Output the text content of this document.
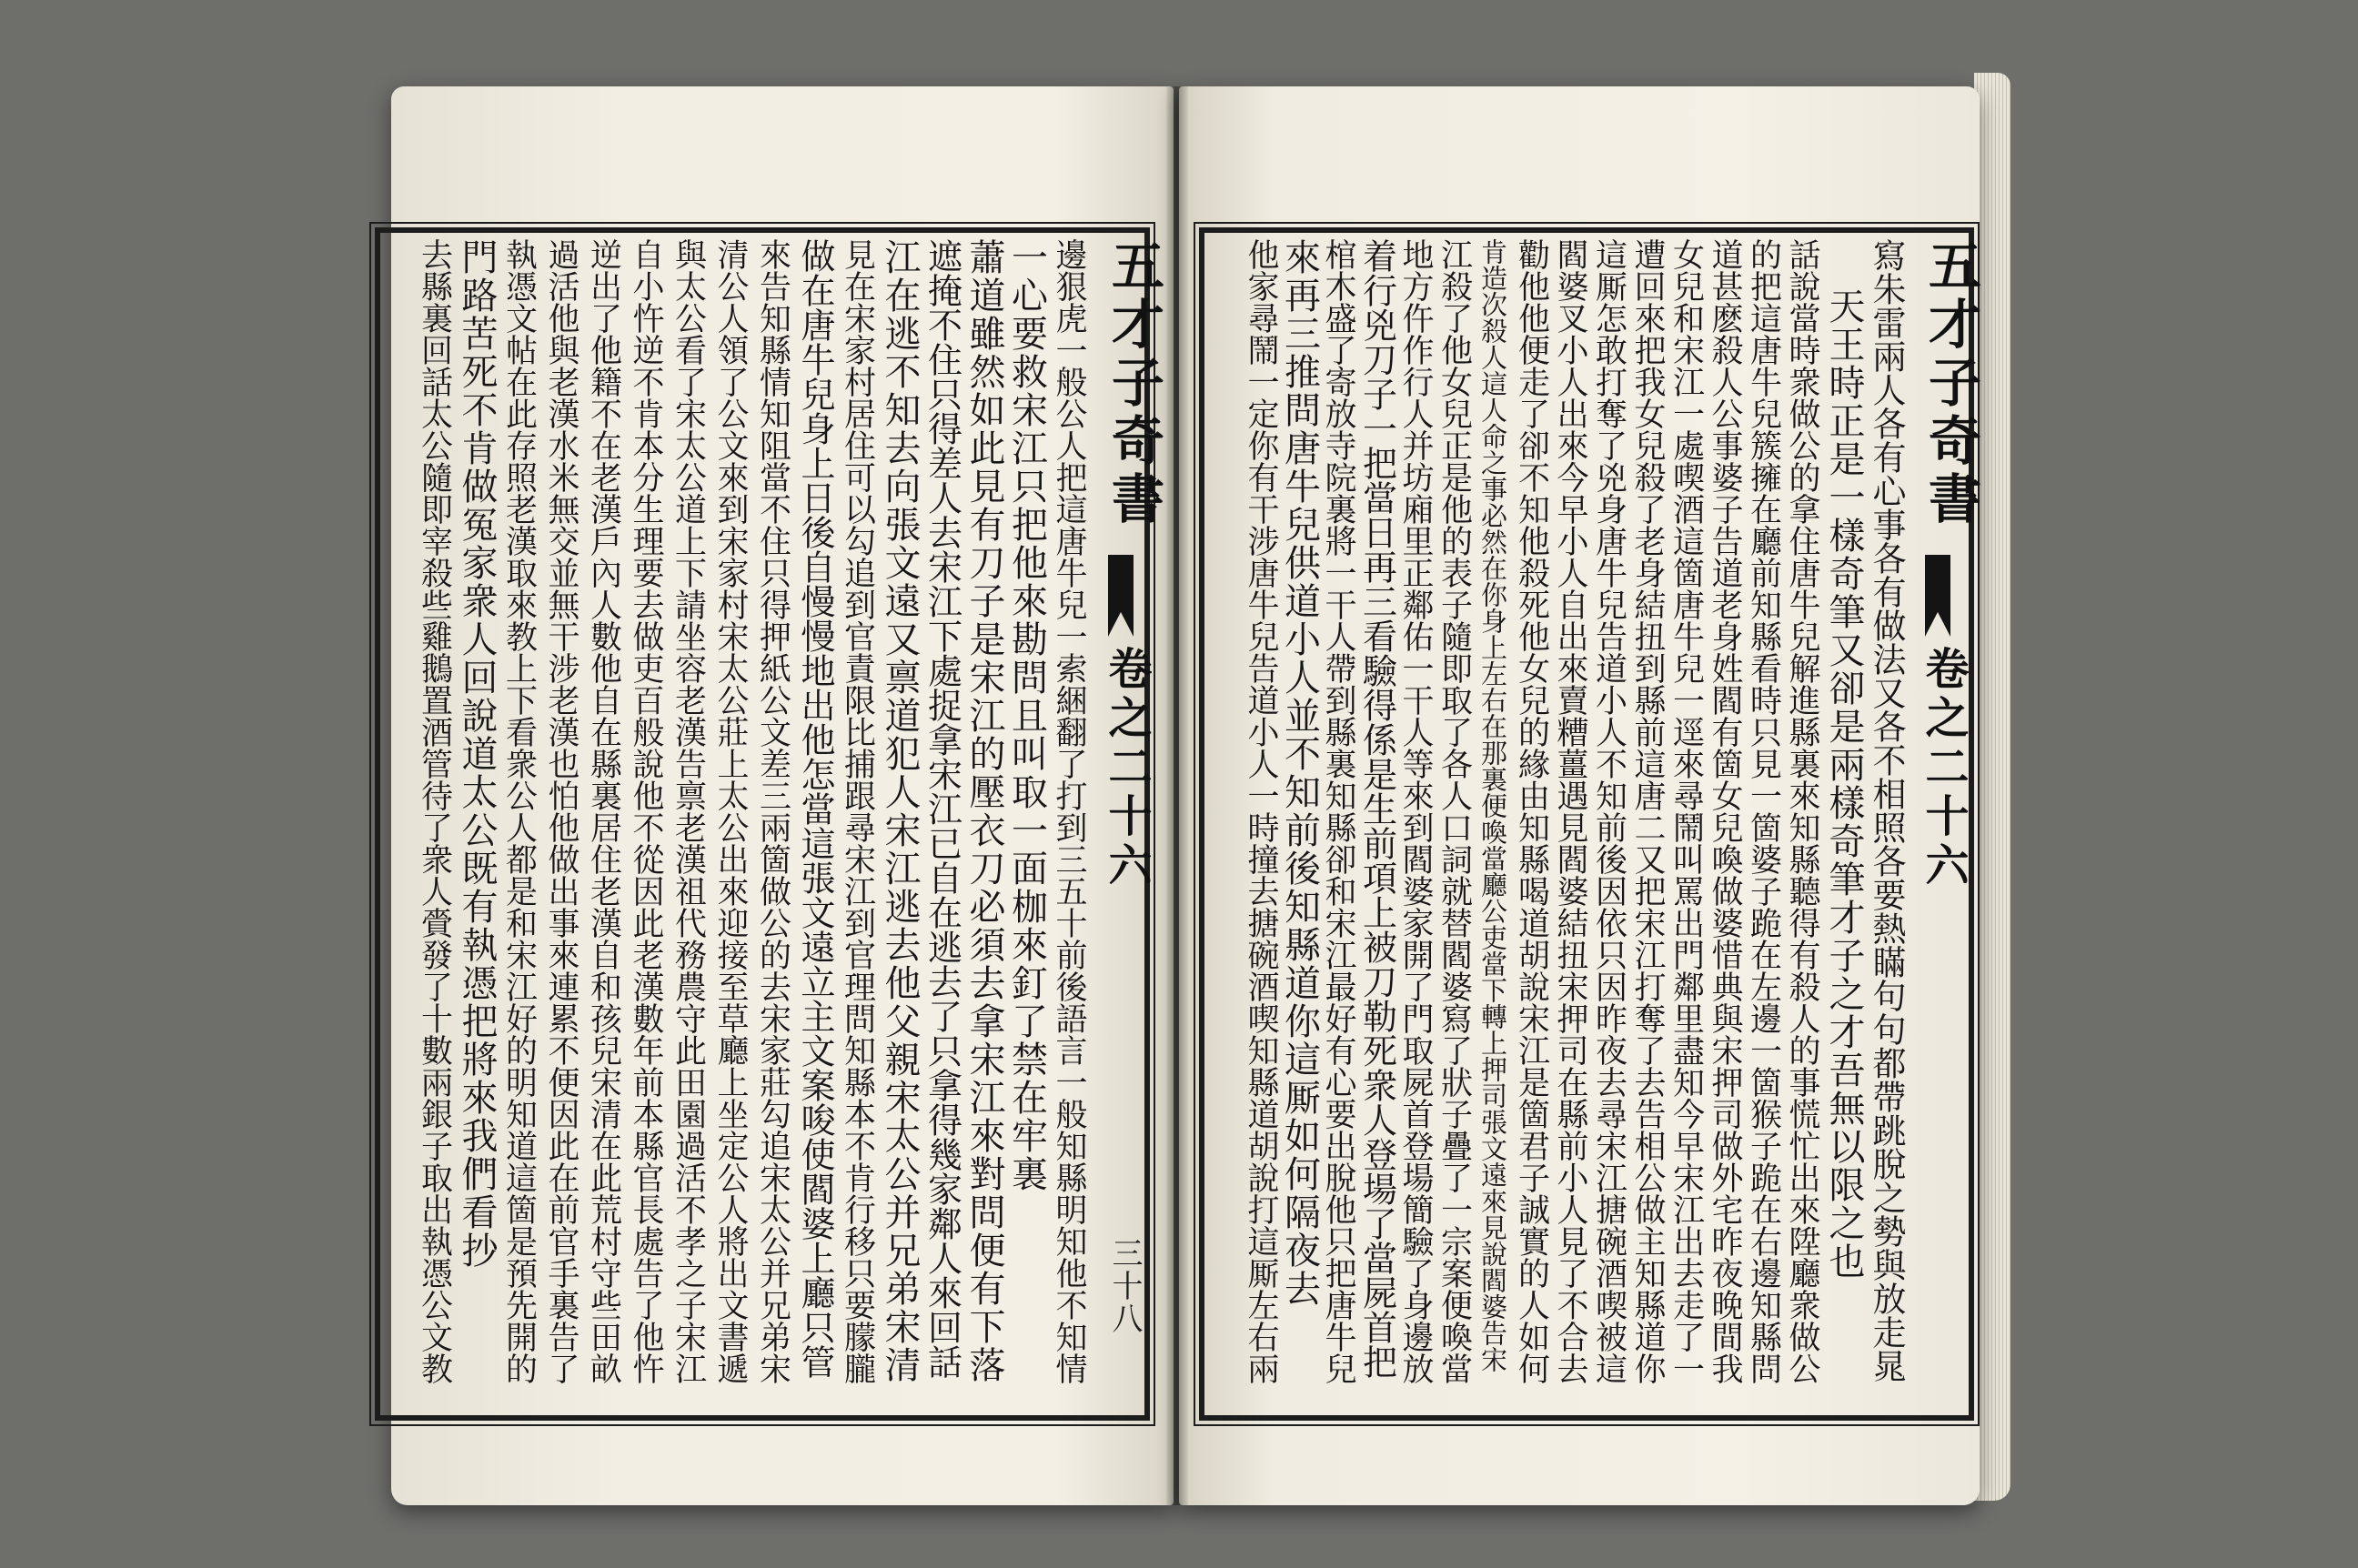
五才子奇書
卷之二十六
三十八
五才子奇書
卷之二十六
邊狠虎一般公人把這唐牛兒一索綑翻了打到三五十前後語言一般知縣明知他不知情
一心要救宋江只把他來勘問且叫取一面枷來釘了禁在牢裏
蕭道雖然如此見有刀子是宋江的壓衣刀必須去拿宋江來對問便有下落
遮掩不住只得差人去宋江下處捉拿宋江已自在逃去了只拿得幾家鄰人來回話
江在逃不知去向張文遠又禀道犯人宋江逃去他父親宋太公并兄弟宋清
見在宋家村居住可以勾追到官責限比捕跟尋宋江到官理問知縣本不肯行移只要朦朧
做在唐牛兒身上日後自慢慢地出他怎當這張文遠立主文案唆使閻婆上廳只管
來告知縣情知阻當不住只得押紙公文差三兩箇做公的去宋家莊勾追宋太公并兄弟宋
清公人領了公文來到宋家村宋太公莊上太公出來迎接至草廳上坐定公人將出文書遞
與太公看了宋太公道上下請坐容老漢告禀老漢祖代務農守此田園過活不孝之子宋江
自小忤逆不肯本分生理要去做吏百般說他不從因此老漢數年前本縣官長處告了他忤
逆出了他籍不在老漢戶內人數他自在縣裏居住老漢自和孩兒宋清在此荒村守些田畝
過活他與老漢水米無交並無干涉老漢也怕他做出事來連累不便因此在前官手裏告了
執憑文帖在此存照老漢取來教上下看衆公人都是和宋江好的明知道這箇是預先開的
門路苦死不肯做冤家衆人回說道太公既有執憑把將來我們看抄
去縣裏回話太公隨即宰殺些雞鵝置酒管待了衆人賫發了十數兩銀子取出執憑公文教	寫朱雷兩人各有心事各有做法又各不相照各要熱瞞句句都帶跳脫之勢與放走晁
天王時正是一樣奇筆又卻是兩樣奇筆才子之才吾無以限之也
話說當時衆做公的拿住唐牛兒解進縣裏來知縣聽得有殺人的事慌忙出來陞廳衆做公
的把這唐牛兒簇擁在廳前知縣看時只見一箇婆子跪在左邊一箇猴子跪在右邊知縣問
道甚麽殺人公事婆子告道老身姓閻有箇女兒喚做婆惜典與宋押司做外宅昨夜晚間我
女兒和宋江一處喫酒這箇唐牛兒一逕來尋鬧叫罵出門鄰里盡知今早宋江出去走了一
遭回來把我女兒殺了老身結扭到縣前這唐二又把宋江打奪了去告相公做主知縣道你
這厮怎敢打奪了兇身唐牛兒告道小人不知前後因依只因昨夜去尋宋江搪碗酒喫被這
閻婆叉小人出來今早小人自出來賣糟薑遇見閻婆結扭宋押司在縣前小人見了不合去
勸他他便走了卻不知他殺死他女兒的緣由知縣喝道胡說宋江是箇君子誠實的人如何
肯造次殺人這人命之事必然在你身上左右在那裏便喚當廳公吏當下轉上押司張文遠來見說閻婆告宋
江殺了他女兒正是他的表子隨即取了各人口詞就替閻婆寫了狀子疊了一宗案便喚當
地方仵作行人并坊廂里正鄰佑一干人等來到閻婆家開了門取屍首登場簡驗了身邊放
着行兇刀子一把當日再三看驗得係是生前項上被刀勒死衆人登場了當屍首把
棺木盛了寄放寺院裏將一干人帶到縣裏知縣卻和宋江最好有心要出脫他只把唐牛兒
來再三推問唐牛兒供道小人並不知前後知縣道你這厮如何隔夜去
他家尋鬧一定你有干涉唐牛兒告道小人一時撞去搪碗酒喫知縣道胡說打這厮左右兩
